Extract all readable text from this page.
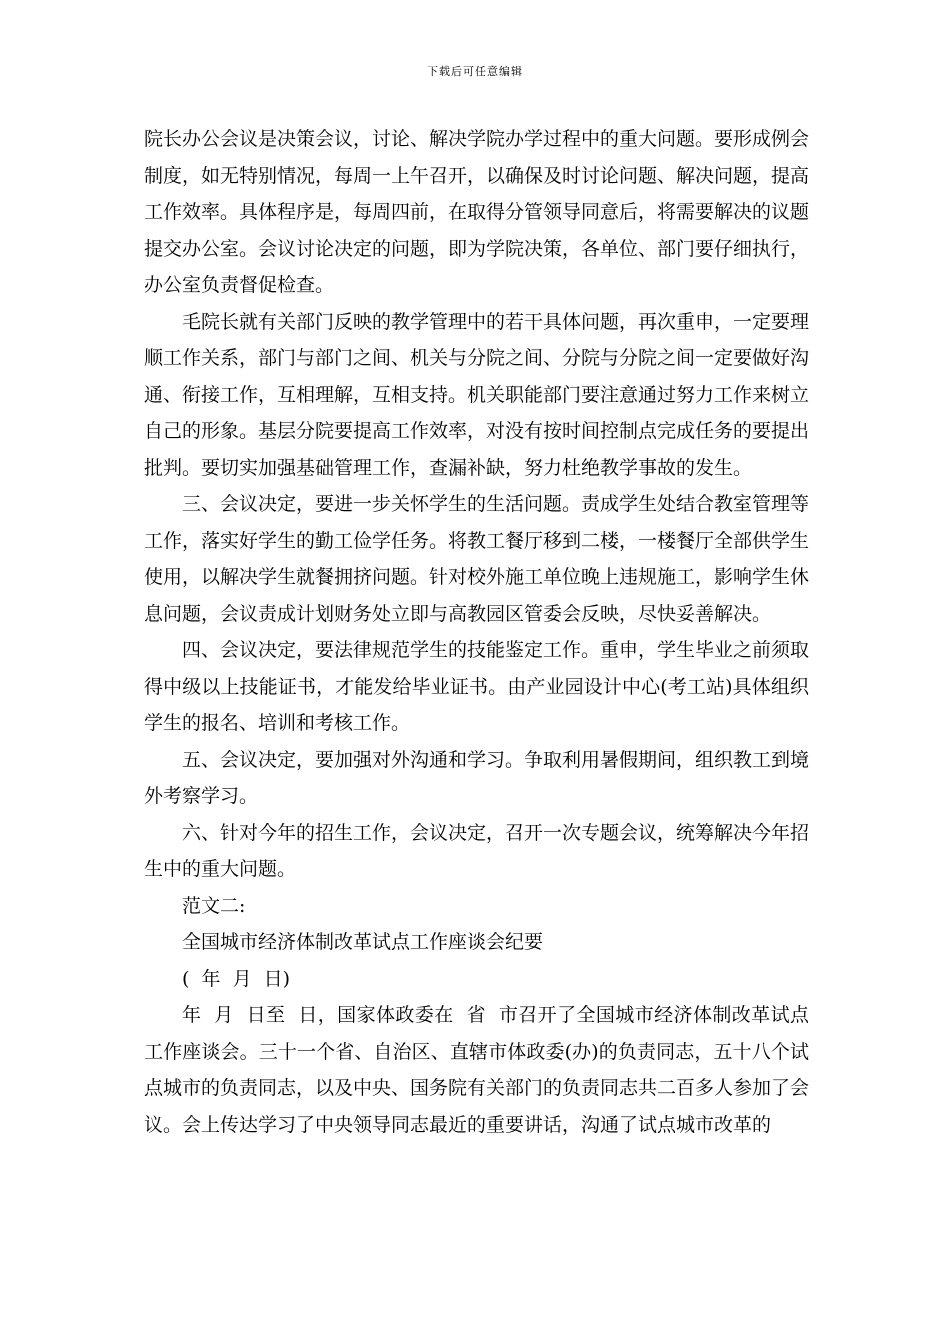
下载后可任意编辑

院长办公会议是决策会议，讨论、解决学院办学过程中的重大问题。要形成例会制度，如无特别情况，每周一上午召开，以确保及时讨论问题、解决问题，提高工作效率。具体程序是，每周四前，在取得分管领导同意后，将需要解决的议题提交办公室。会议讨论决定的问题，即为学院决策，各单位、部门要仔细执行，办公室负责督促检查。

毛院长就有关部门反映的教学管理中的若干具体问题，再次重申，一定要理顺工作关系，部门与部门之间、机关与分院之间、分院与分院之间一定要做好沟通、衔接工作，互相理解，互相支持。机关职能部门要注意通过努力工作来树立自己的形象。基层分院要提高工作效率，对没有按时间控制点完成任务的要提出批判。要切实加强基础管理工作，查漏补缺，努力杜绝教学事故的发生。

三、会议决定，要进一步关怀学生的生活问题。责成学生处结合教室管理等工作，落实好学生的勤工俭学任务。将教工餐厅移到二楼，一楼餐厅全部供学生使用，以解决学生就餐拥挤问题。针对校外施工单位晚上违规施工，影响学生休息问题，会议责成计划财务处立即与高教园区管委会反映，尽快妥善解决。

四、会议决定，要法律规范学生的技能鉴定工作。重申，学生毕业之前须取得中级以上技能证书，才能发给毕业证书。由产业园设计中心(考工站)具体组织学生的报名、培训和考核工作。

五、会议决定，要加强对外沟通和学习。争取利用暑假期间，组织教工到境外考察学习。

六、针对今年的招生工作，会议决定，召开一次专题会议，统筹解决今年招生中的重大问题。

范文二:

全国城市经济体制改革试点工作座谈会纪要

(  年  月  日)

年  月  日至  日，国家体政委在  省  市召开了全国城市经济体制改革试点工作座谈会。三十一个省、自治区、直辖市体政委(办)的负责同志，五十八个试点城市的负责同志，以及中央、国务院有关部门的负责同志共二百多人参加了会议。会上传达学习了中央领导同志最近的重要讲话，沟通了试点城市改革的
